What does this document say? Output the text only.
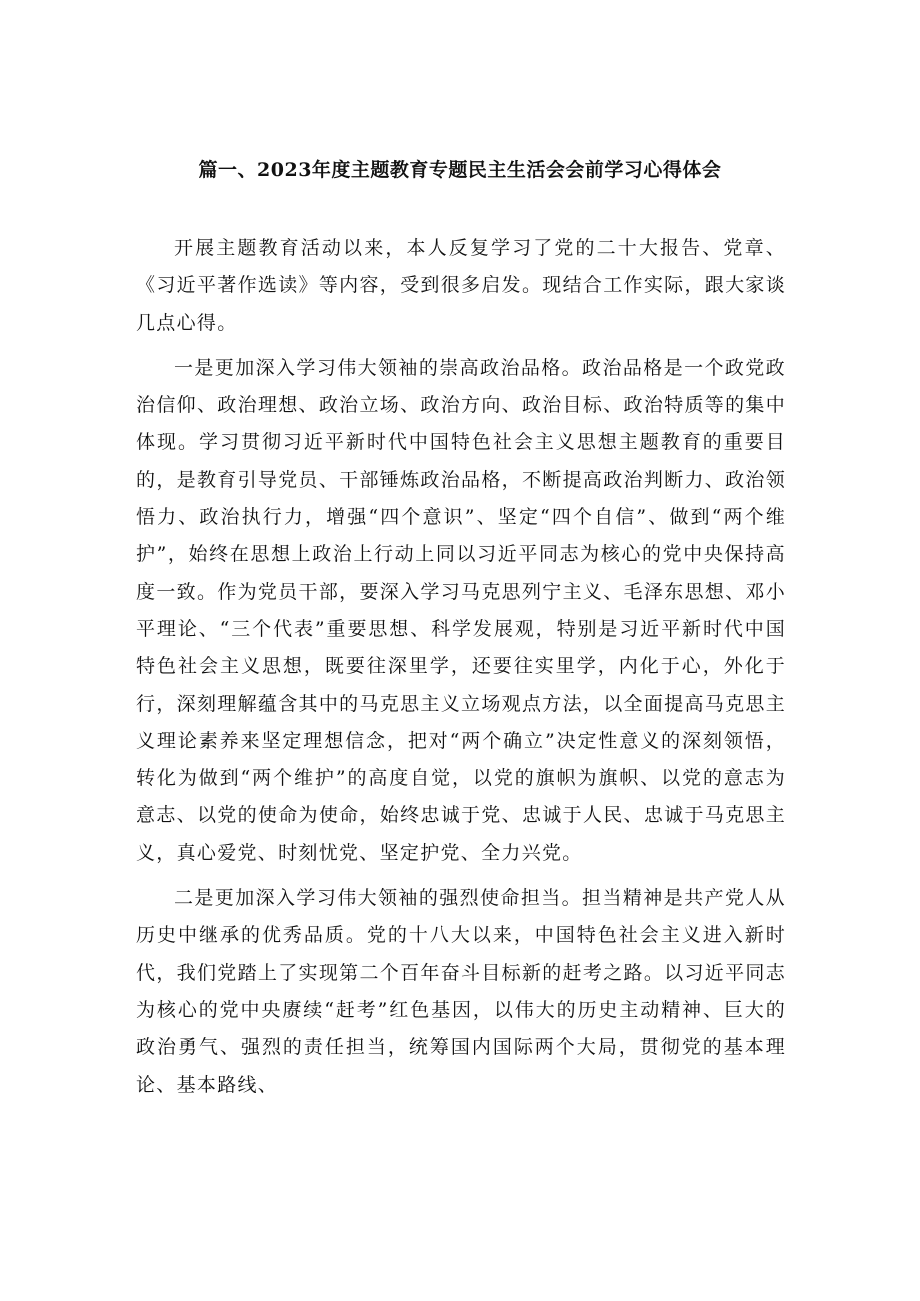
篇一、2023年度主题教育专题民主生活会会前学习心得体会

开展主题教育活动以来，本人反复学习了党的二十大报告、党章、《习近平著作选读》等内容，受到很多启发。现结合工作实际，跟大家谈几点心得。

一是更加深入学习伟大领袖的崇高政治品格。政治品格是一个政党政治信仰、政治理想、政治立场、政治方向、政治目标、政治特质等的集中体现。学习贯彻习近平新时代中国特色社会主义思想主题教育的重要目的，是教育引导党员、干部锤炼政治品格，不断提高政治判断力、政治领悟力、政治执行力，增强“四个意识”、坚定“四个自信”、做到“两个维护”，始终在思想上政治上行动上同以习近平同志为核心的党中央保持高度一致。作为党员干部，要深入学习马克思列宁主义、毛泽东思想、邓小平理论、“三个代表”重要思想、科学发展观，特别是习近平新时代中国特色社会主义思想，既要往深里学，还要往实里学，内化于心，外化于行，深刻理解蕴含其中的马克思主义立场观点方法，以全面提高马克思主义理论素养来坚定理想信念，把对“两个确立”决定性意义的深刻领悟，转化为做到“两个维护”的高度自觉，以党的旗帜为旗帜、以党的意志为意志、以党的使命为使命，始终忠诚于党、忠诚于人民、忠诚于马克思主义，真心爱党、时刻忧党、坚定护党、全力兴党。

二是更加深入学习伟大领袖的强烈使命担当。担当精神是共产党人从历史中继承的优秀品质。党的十八大以来，中国特色社会主义进入新时代，我们党踏上了实现第二个百年奋斗目标新的赶考之路。以习近平同志为核心的党中央赓续“赶考”红色基因，以伟大的历史主动精神、巨大的政治勇气、强烈的责任担当，统筹国内国际两个大局，贯彻党的基本理论、基本路线、
